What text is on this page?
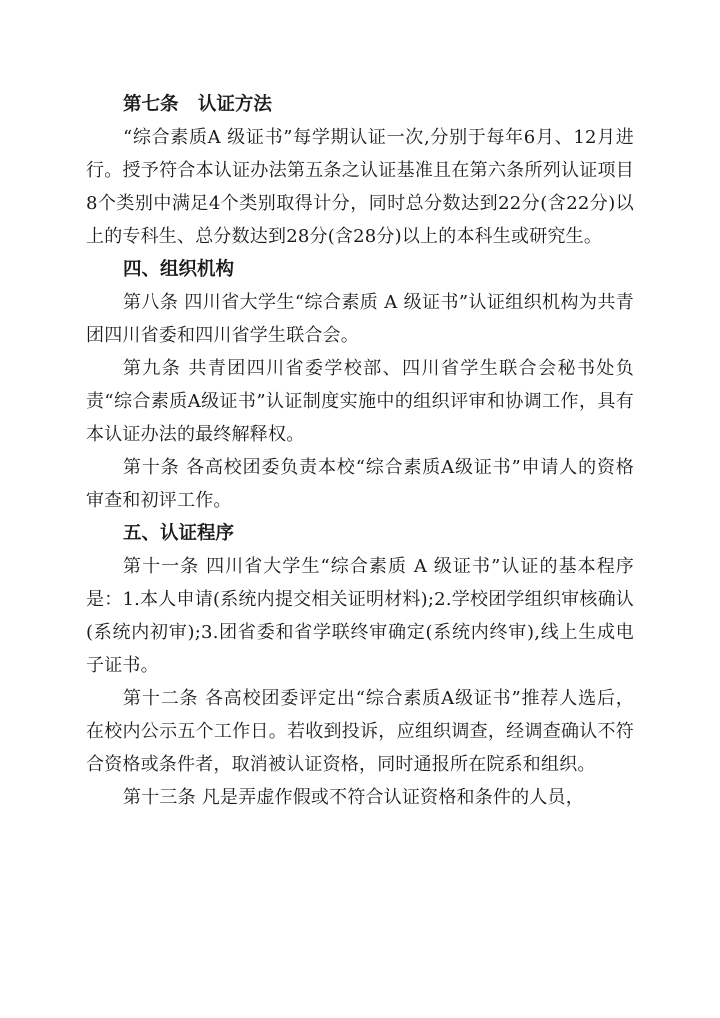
第七条   认证方法

“综合素质A 级证书”每学期认证一次,分别于每年6月、12月进行。授予符合本认证办法第五条之认证基准且在第六条所列认证项目8个类别中满足4个类别取得计分，同时总分数达到22分(含22分)以上的专科生、总分数达到28分(含28分)以上的本科生或研究生。

四、组织机构

第八条 四川省大学生“综合素质 A 级证书”认证组织机构为共青团四川省委和四川省学生联合会。

第九条 共青团四川省委学校部、四川省学生联合会秘书处负责“综合素质A级证书”认证制度实施中的组织评审和协调工作，具有本认证办法的最终解释权。

第十条 各高校团委负责本校“综合素质A级证书”申请人的资格审查和初评工作。

五、认证程序

第十一条 四川省大学生“综合素质 A 级证书”认证的基本程序是：1.本人申请(系统内提交相关证明材料);2.学校团学组织审核确认(系统内初审);3.团省委和省学联终审确定(系统内终审),线上生成电子证书。

第十二条 各高校团委评定出“综合素质A级证书”推荐人选后，在校内公示五个工作日。若收到投诉，应组织调查，经调查确认不符合资格或条件者，取消被认证资格，同时通报所在院系和组织。

第十三条 凡是弄虚作假或不符合认证资格和条件的人员，
